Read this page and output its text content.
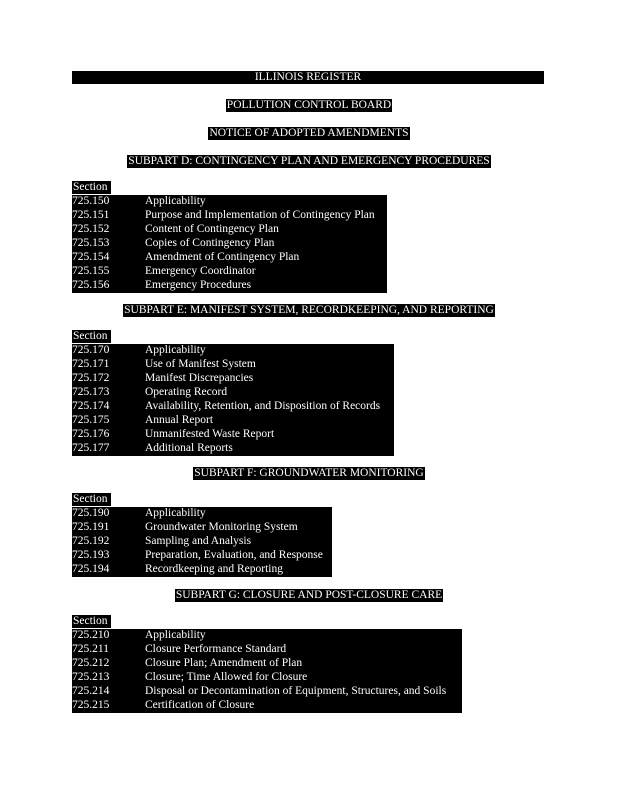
ILLINOIS REGISTER
POLLUTION CONTROL BOARD
NOTICE OF ADOPTED AMENDMENTS
SUBPART D: CONTINGENCY PLAN AND EMERGENCY PROCEDURES
Section
725.150	Applicability
725.151	Purpose and Implementation of Contingency Plan
725.152	Content of Contingency Plan
725.153	Copies of Contingency Plan
725.154	Amendment of Contingency Plan
725.155	Emergency Coordinator
725.156	Emergency Procedures
SUBPART E: MANIFEST SYSTEM, RECORDKEEPING, AND REPORTING
Section
725.170	Applicability
725.171	Use of Manifest System
725.172	Manifest Discrepancies
725.173	Operating Record
725.174	Availability, Retention, and Disposition of Records
725.175	Annual Report
725.176	Unmanifested Waste Report
725.177	Additional Reports
SUBPART F: GROUNDWATER MONITORING
Section
725.190	Applicability
725.191	Groundwater Monitoring System
725.192	Sampling and Analysis
725.193	Preparation, Evaluation, and Response
725.194	Recordkeeping and Reporting
SUBPART G: CLOSURE AND POST-CLOSURE CARE
Section
725.210	Applicability
725.211	Closure Performance Standard
725.212	Closure Plan; Amendment of Plan
725.213	Closure; Time Allowed for Closure
725.214	Disposal or Decontamination of Equipment, Structures, and Soils
725.215	Certification of Closure
